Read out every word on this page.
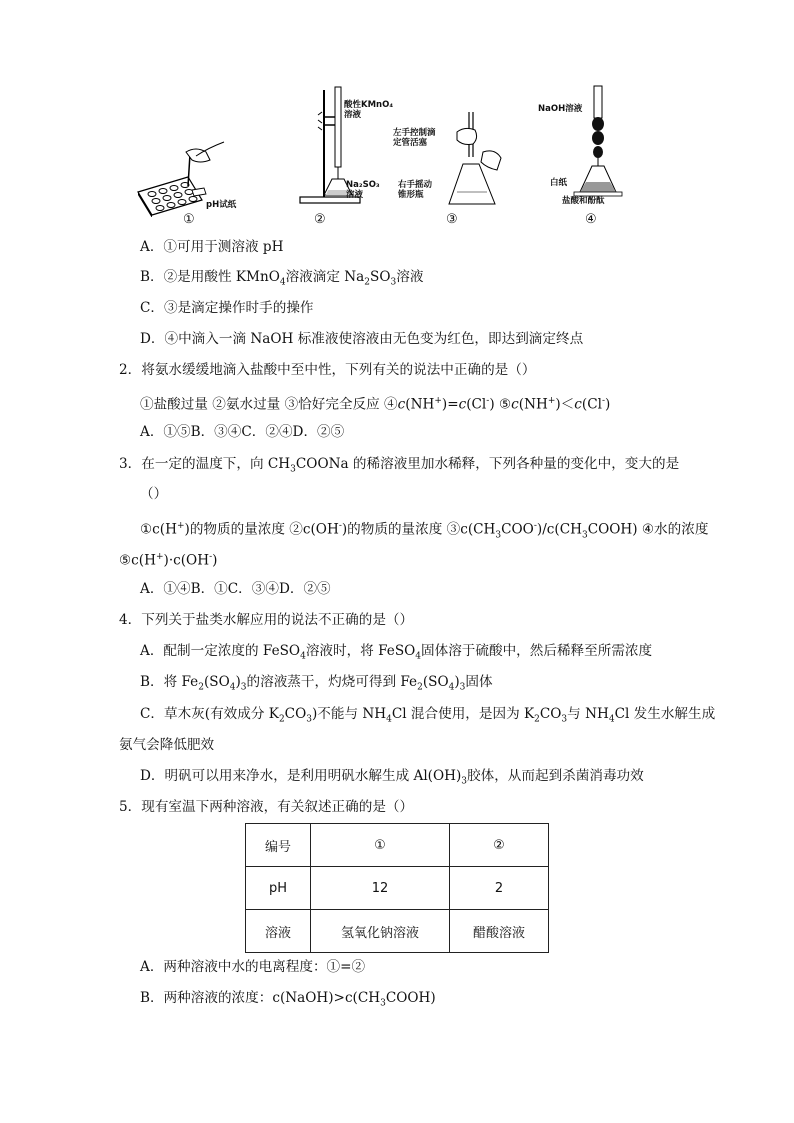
pH试纸
酸性KMnO₄
溶液
Na₂SO₃
溶液
左手控制滴
定管活塞
右手摇动
锥形瓶
NaOH溶液
白纸
盐酸和酚酞
①	②	③	④
A．①可用于测溶液 pH
B．②是用酸性 KMnO$_4$溶液滴定 $Na_2SO_3$溶液
C．③是滴定操作时手的操作
D．④中滴入一滴 NaOH 标准液使溶液由无色变为红色，即达到滴定终点
2．将氨水缓缓地滴入盐酸中至中性，下列有关的说法中正确的是（）
①盐酸过量 ②氨水过量 ③恰好完全反应 ④c(NH+)=c(Cl-) ⑤c(NH+)＜c(Cl-)
A．①⑤B．③④C．②④D．②⑤
3．在一定的温度下，向 $CH_3COONa$ 的稀溶液里加水稀释，下列各种量的变化中，变大的是
（）
①c(H+)的物质的量浓度 ②c(OH-)的物质的量浓度 $③c(CH_3COO^-)/c(CH_3COOH)$ ④水的浓度
⑤c(H+)·c(OH-)
A．①④B．①C．③④D．②⑤
4．下列关于盐类水解应用的说法不正确的是（）
A．配制一定浓度的 FeSO$_4$溶液时，将 FeSO$_4$固体溶于硫酸中，然后稀释至所需浓度
B．将 $Fe_2(SO_4)_3$的溶液蒸干，灼烧可得到 $Fe_2(SO_4)_3$固体
C．草木灰(有效成分 $K_2CO_3$)不能与 $NH_4Cl$ 混合使用，是因为 $K_2CO_3$与 $NH_4Cl$ 发生水解生成
氨气会降低肥效
D．明矾可以用来净水，是利用明矾水解生成 $Al(OH)_3$胶体，从而起到杀菌消毒功效
5．现有室温下两种溶液，有关叙述正确的是（）
编号	①	②
pH	12	2
溶液	氢氧化钠溶液	醋酸溶液
A．两种溶液中水的电离程度：①=②
B．两种溶液的浓度：$c(NaOH)>c(CH_3COOH)$
